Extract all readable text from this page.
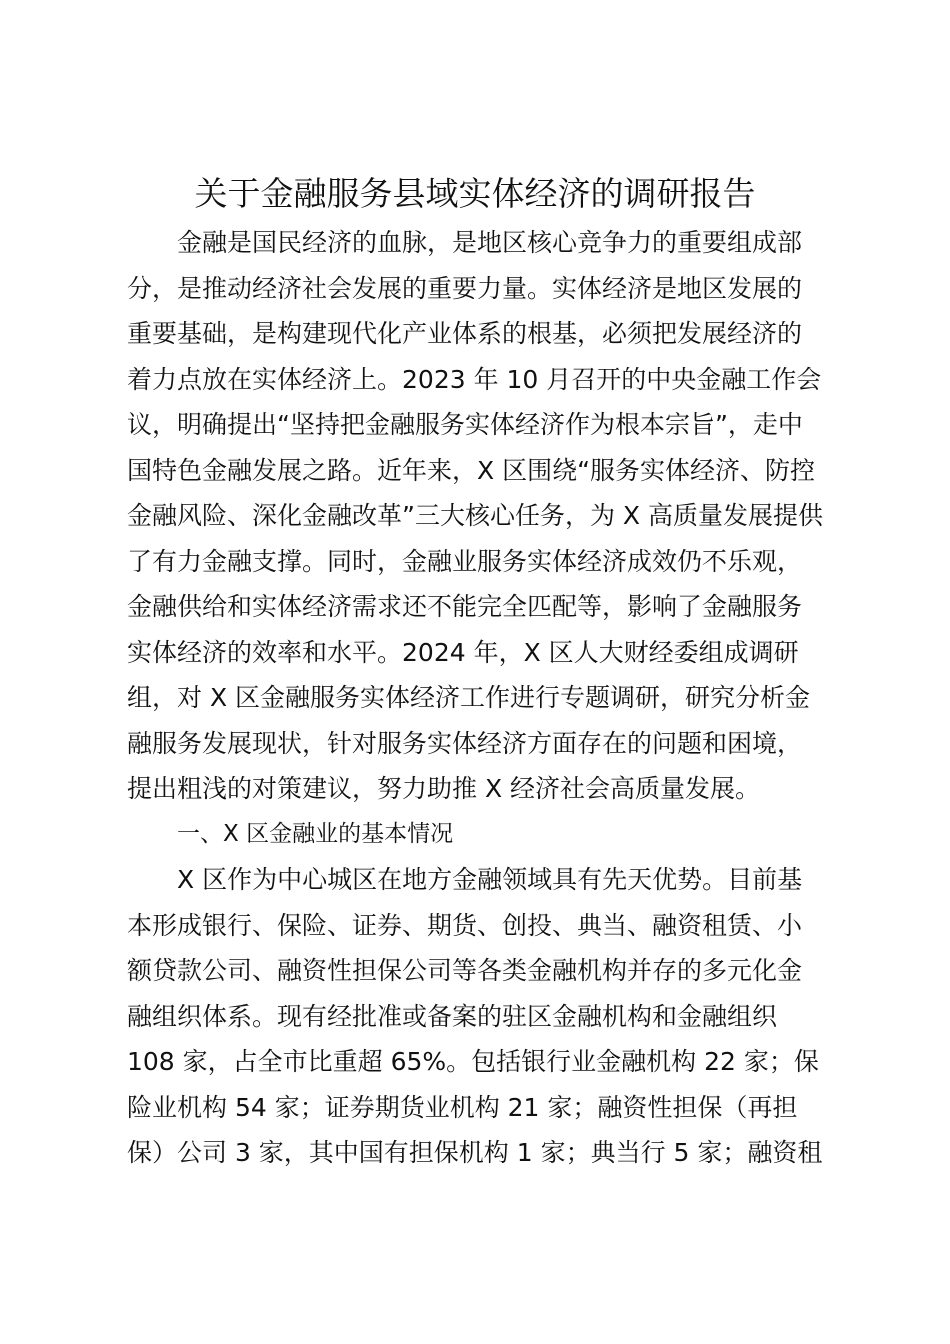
关于金融服务县域实体经济的调研报告

金融是国民经济的血脉，是地区核心竞争力的重要组成部
分，是推动经济社会发展的重要力量。实体经济是地区发展的
重要基础，是构建现代化产业体系的根基，必须把发展经济的
着力点放在实体经济上。2023 年 10 月召开的中央金融工作会
议，明确提出“坚持把金融服务实体经济作为根本宗旨”，走中
国特色金融发展之路。近年来，X 区围绕“服务实体经济、防控
金融风险、深化金融改革”三大核心任务，为 X 高质量发展提供
了有力金融支撑。同时，金融业服务实体经济成效仍不乐观，
金融供给和实体经济需求还不能完全匹配等，影响了金融服务
实体经济的效率和水平。2024 年，X 区人大财经委组成调研
组，对 X 区金融服务实体经济工作进行专题调研，研究分析金
融服务发展现状，针对服务实体经济方面存在的问题和困境，
提出粗浅的对策建议，努力助推 X 经济社会高质量发展。

一、X 区金融业的基本情况

X 区作为中心城区在地方金融领域具有先天优势。目前基
本形成银行、保险、证券、期货、创投、典当、融资租赁、小
额贷款公司、融资性担保公司等各类金融机构并存的多元化金
融组织体系。现有经批准或备案的驻区金融机构和金融组织
108 家，占全市比重超 65%。包括银行业金融机构 22 家；保
险业机构 54 家；证券期货业机构 21 家；融资性担保（再担
保）公司 3 家，其中国有担保机构 1 家；典当行 5 家；融资租
